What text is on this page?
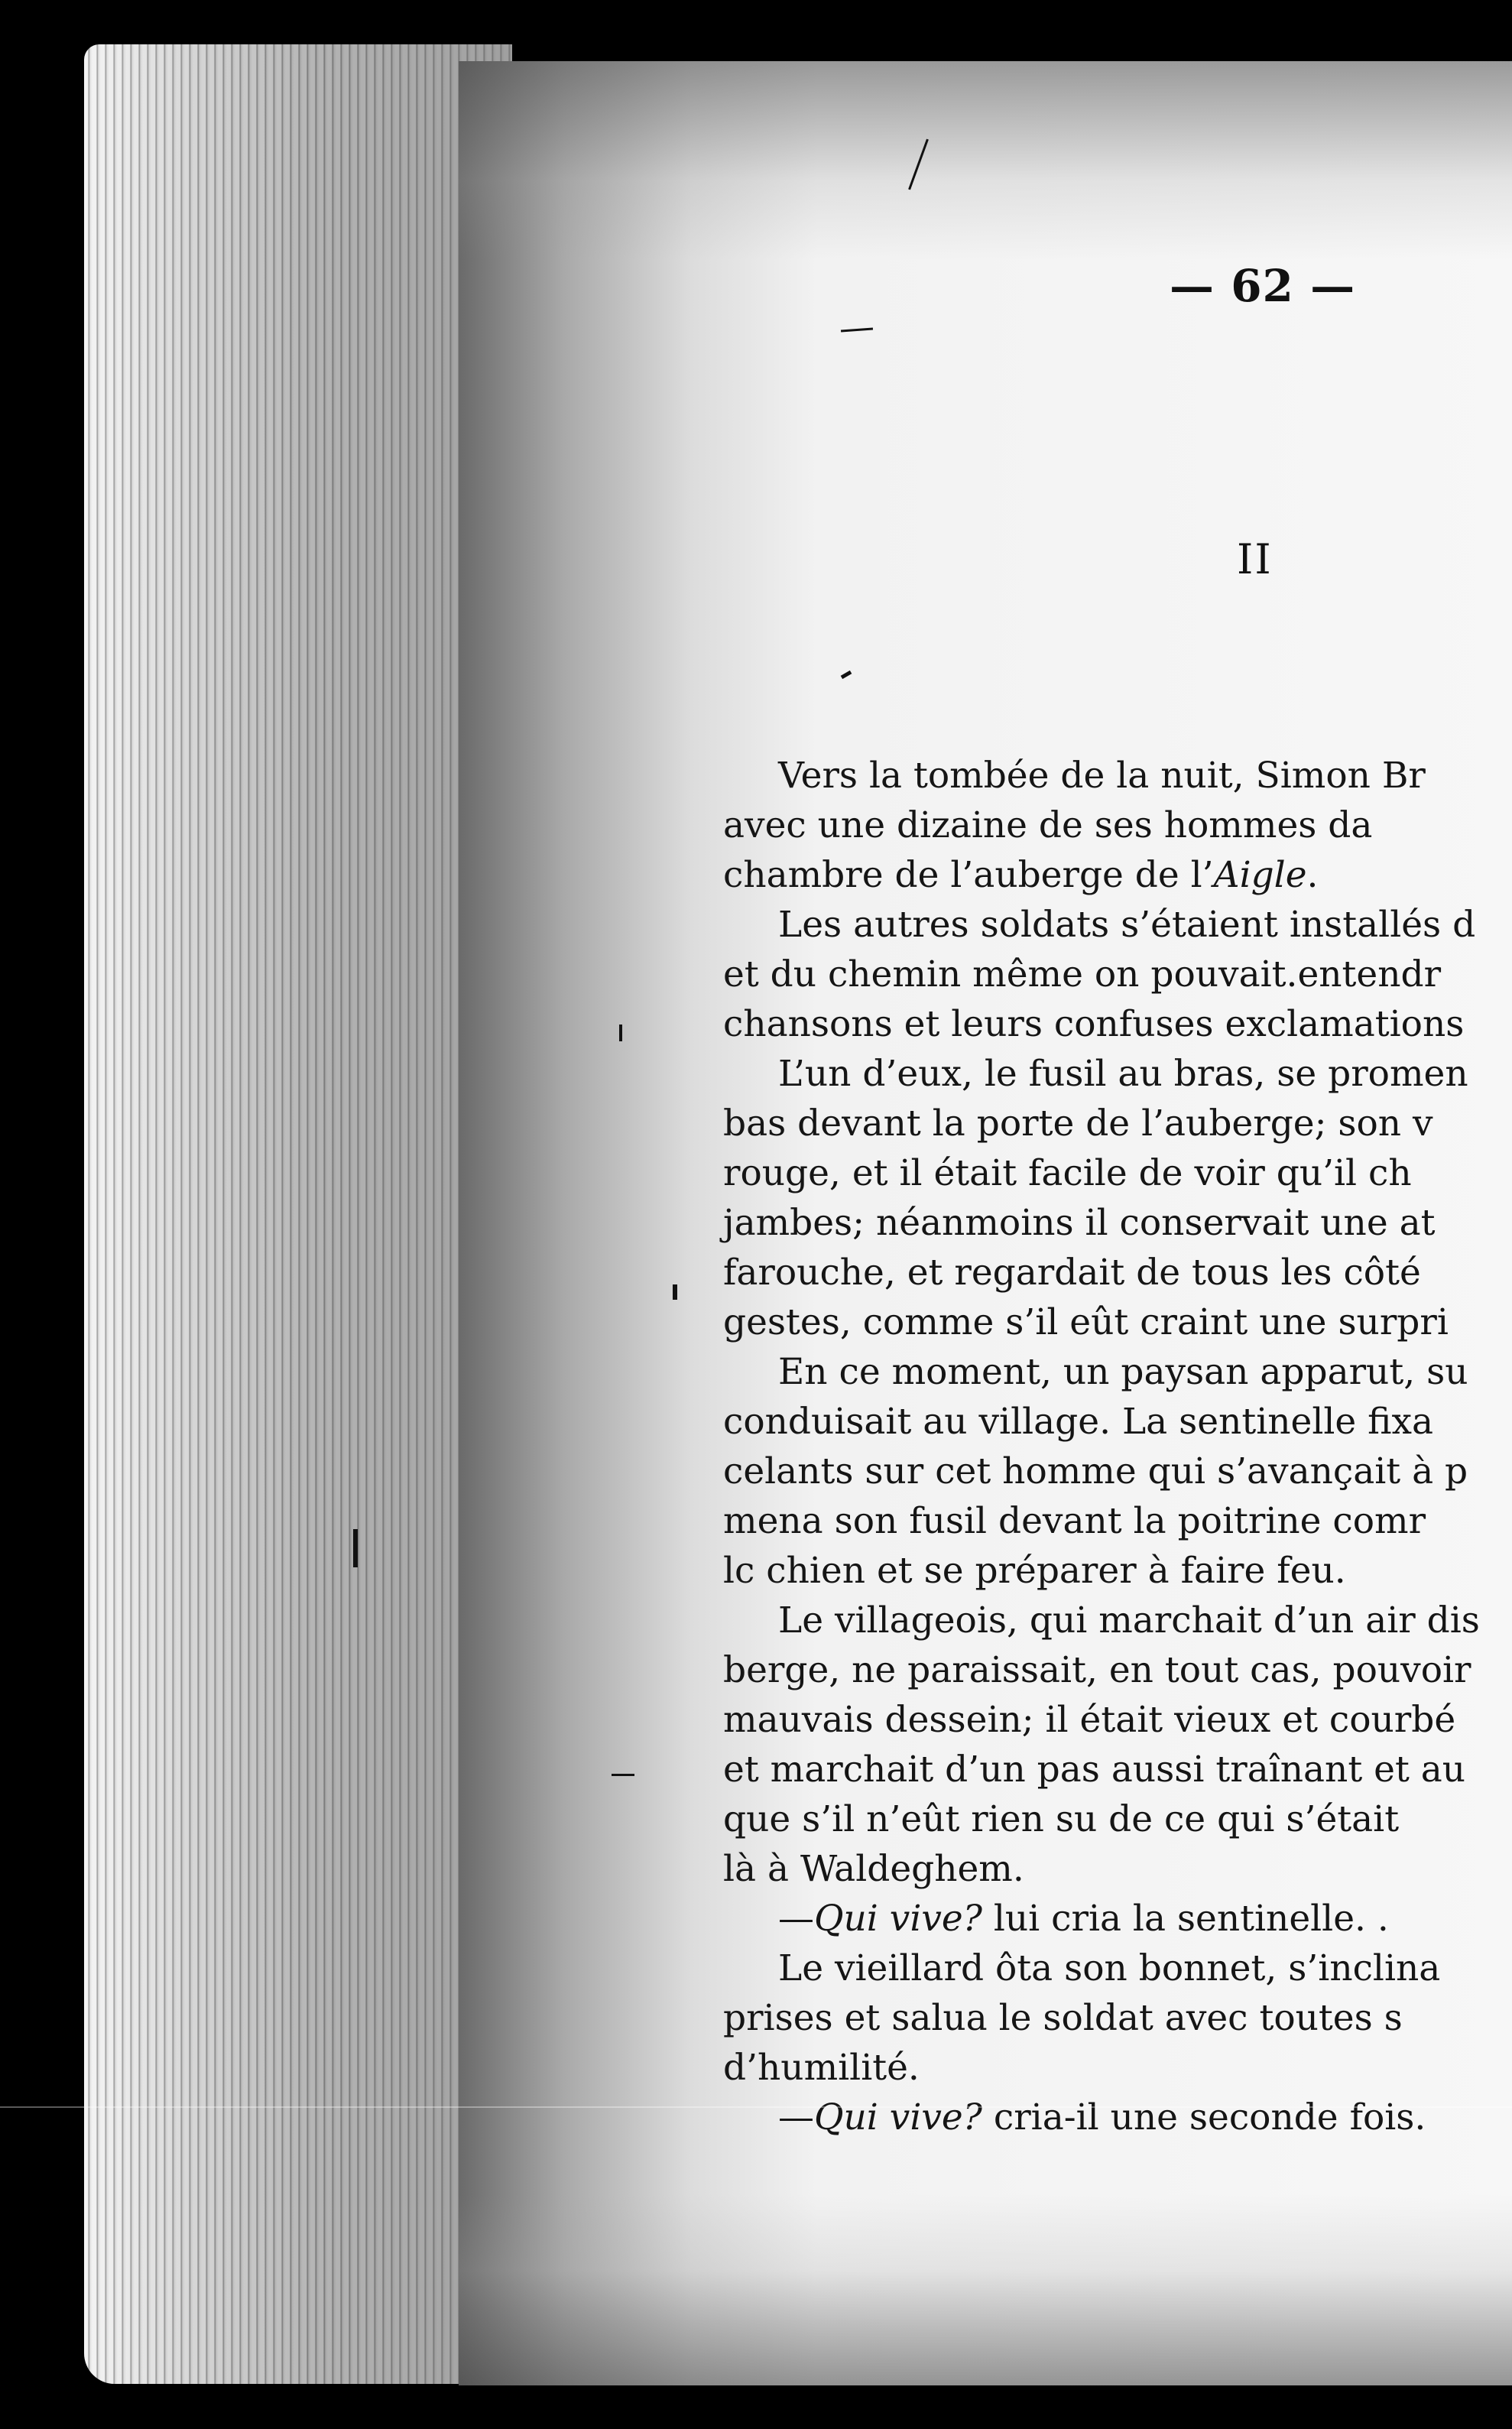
— 62 —
II
Vers la tombée de la nuit, Simon Br
avec une dizaine de ses hommes da
chambre de l’auberge de l’Aigle.
Les autres soldats s’étaient installés d
et du chemin même on pouvait.entendr
chansons et leurs confuses exclamations
L’un d’eux, le fusil au bras, se promen
bas devant la porte de l’auberge; son v
rouge, et il était facile de voir qu’il ch
jambes; néanmoins il conservait une at
farouche, et regardait de tous les côté
gestes, comme s’il eût craint une surpri
En ce moment, un paysan apparut, su
conduisait au village. La sentinelle fixa
celants sur cet homme qui s’avançait à p
mena son fusil devant la poitrine comr
lc chien et se préparer à faire feu.
Le villageois, qui marchait d’un air dis
berge, ne paraissait, en tout cas, pouvoir
mauvais dessein; il était vieux et courbé
et marchait d’un pas aussi traînant et au
que s’il n’eût rien su de ce qui s’était
là à Waldeghem.
—Qui vive? lui cria la sentinelle. .
Le vieillard ôta son bonnet, s’inclina
prises et salua le soldat avec toutes s
d’humilité.
—Qui vive? cria-il une seconde fois.
